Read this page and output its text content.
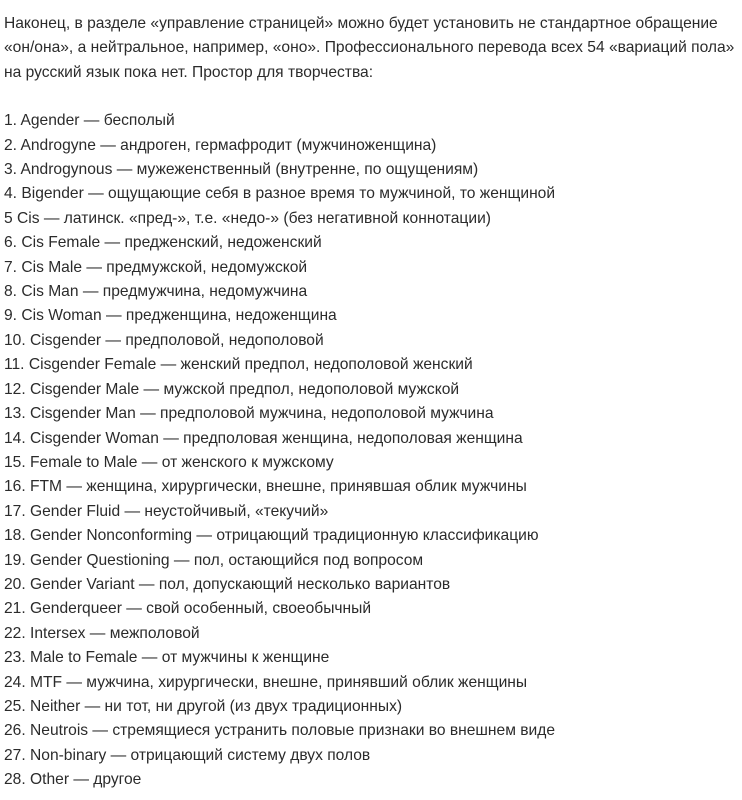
Наконец, в разделе «управление страницей» можно будет установить не стандартное обращение «он/она», а нейтральное, например, «оно». Профессионального перевода всех 54 «вариаций пола» на русский язык пока нет. Простор для творчества:

1. Agender — бесполый
2. Androgyne — андроген, гермафродит (мужчиноженщина)
3. Androgynous — мужеженственный (внутренне, по ощущениям)
4. Bigender — ощущающие себя в разное время то мужчиной, то женщиной
5 Cis — латинск. «пред-», т.е. «недо-» (без негативной коннотации)
6. Cis Female — предженский, недоженский
7. Cis Male — предмужской, недомужской
8. Cis Man — предмужчина, недомужчина
9. Cis Woman — предженщина, недоженщина
10. Cisgender — предполовой, недополовой
11. Cisgender Female — женский предпол, недополовой женский
12. Cisgender Male — мужской предпол, недополовой мужской
13. Cisgender Man — предполовой мужчина, недополовой мужчина
14. Cisgender Woman — предполовая женщина, недополовая женщина
15. Female to Male — от женского к мужскому
16. FTM — женщина, хирургически, внешне, принявшая облик мужчины
17. Gender Fluid — неустойчивый, «текучий»
18. Gender Nonconforming — отрицающий традиционную классификацию
19. Gender Questioning — пол, остающийся под вопросом
20. Gender Variant — пол, допускающий несколько вариантов
21. Genderqueer — свой особенный, своеобычный
22. Intersex — межполовой
23. Male to Female — от мужчины к женщине
24. MTF — мужчина, хирургически, внешне, принявший облик женщины
25. Neither — ни тот, ни другой (из двух традиционных)
26. Neutrois — стремящиеся устранить половые признаки во внешнем виде
27. Non-binary — отрицающий систему двух полов
28. Other — другое
